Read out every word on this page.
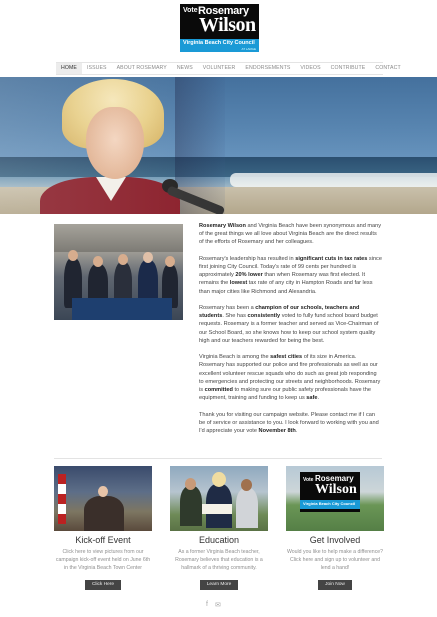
Vote Rosemary
Wilson
Virginia Beach City Council
AT LARGE
HOME	ISSUES	ABOUT ROSEMARY	NEWS	VOLUNTEER	ENDORSEMENTS	VIDEOS	CONTRIBUTE	CONTACT

Rosemary Wilson and Virginia Beach have been synonymous and many of the great things we all love about Virginia Beach are the direct results of the efforts of Rosemary and her colleagues.

Rosemary's leadership has resulted in significant cuts in tax rates since first joining City Council. Today's rate of 99 cents per hundred is approximately 20% lower than when Rosemary was first elected. It remains the lowest tax rate of any city in Hampton Roads and far less than major cities like Richmond and Alexandria.

Rosemary has been a champion of our schools, teachers and students. She has consistently voted to fully fund school board budget requests. Rosemary is a former teacher and served as Vice-Chairman of our School Board, so she knows how to keep our school system quality high and our teachers rewarded for being the best.

Virginia Beach is among the safest cities of its size in America. Rosemary has supported our police and fire professionals as well as our excellent volunteer rescue squads who do such as great job responding to emergencies and protecting our streets and neighborhoods. Rosemary is committed to making sure our public safety professionals have the equipment, training and funding to keep us safe.

Thank you for visiting our campaign website. Please contact me if I can be of service or assistance to you. I look forward to working with you and I'd appreciate your vote November 8th.

Kick-off Event
Click here to view pictures from our campaign kick-off event held on June 6th in the Virginia Beach Town Center
Click Here
Education
As a former Virginia Beach teacher, Rosemary believes that education is a hallmark of a thriving community.
Learn More
Vote Rosemary
Wilson
Virginia Beach City Council
Get Involved
Would you like to help make a difference? Click here and sign up to volunteer and lend a hand!
Join Now
f ✉
